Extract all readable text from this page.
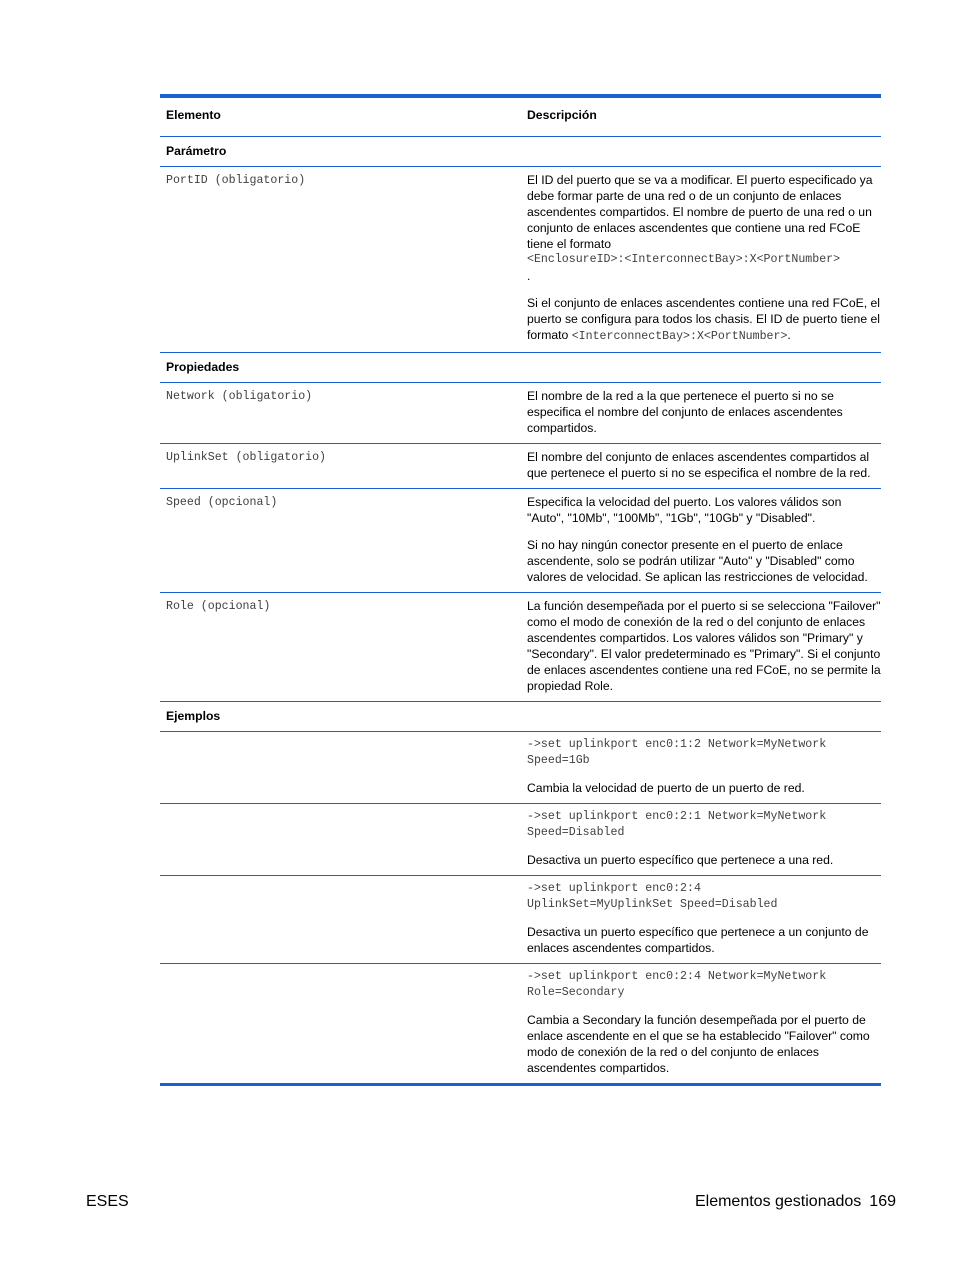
Elemento	Descripción

Parámetro	

PortID (obligatorio)	El ID del puerto que se va a modificar. El puerto especificado ya debe formar parte de una red o de un conjunto de enlaces ascendentes compartidos. El nombre de puerto de una red o un conjunto de enlaces ascendentes que contiene una red FCoE tiene el formato

<EnclosureID>:<InterconnectBay>:X<PortNumber>

.

Si el conjunto de enlaces ascendentes contiene una red FCoE, el puerto se configura para todos los chasis. El ID de puerto tiene el formato <InterconnectBay>:X<PortNumber>.

Propiedades	

Network (obligatorio)	El nombre de la red a la que pertenece el puerto si no se especifica el nombre del conjunto de enlaces ascendentes compartidos.

UplinkSet (obligatorio)	El nombre del conjunto de enlaces ascendentes compartidos al que pertenece el puerto si no se especifica el nombre de la red.

Speed (opcional)	Especifica la velocidad del puerto. Los valores válidos son "Auto", "10Mb", "100Mb", "1Gb", "10Gb" y "Disabled".

Si no hay ningún conector presente en el puerto de enlace ascendente, solo se podrán utilizar "Auto" y "Disabled" como valores de velocidad. Se aplican las restricciones de velocidad.

Role (opcional)	La función desempeñada por el puerto si se selecciona "Failover" como el modo de conexión de la red o del conjunto de enlaces ascendentes compartidos. Los valores válidos son "Primary" y "Secondary". El valor predeterminado es "Primary". Si el conjunto de enlaces ascendentes contiene una red FCoE, no se permite la propiedad Role.

Ejemplos	

	->set uplinkport enc0:1:2 Network=MyNetwork
Speed=1Gb

Cambia la velocidad de puerto de un puerto de red.

	->set uplinkport enc0:2:1 Network=MyNetwork
Speed=Disabled

Desactiva un puerto específico que pertenece a una red.

	->set uplinkport enc0:2:4
UplinkSet=MyUplinkSet Speed=Disabled

Desactiva un puerto específico que pertenece a un conjunto de enlaces ascendentes compartidos.

	->set uplinkport enc0:2:4 Network=MyNetwork
Role=Secondary

Cambia a Secondary la función desempeñada por el puerto de enlace ascendente en el que se ha establecido "Failover" como modo de conexión de la red o del conjunto de enlaces ascendentes compartidos.

ESES	Elementos gestionados 169
